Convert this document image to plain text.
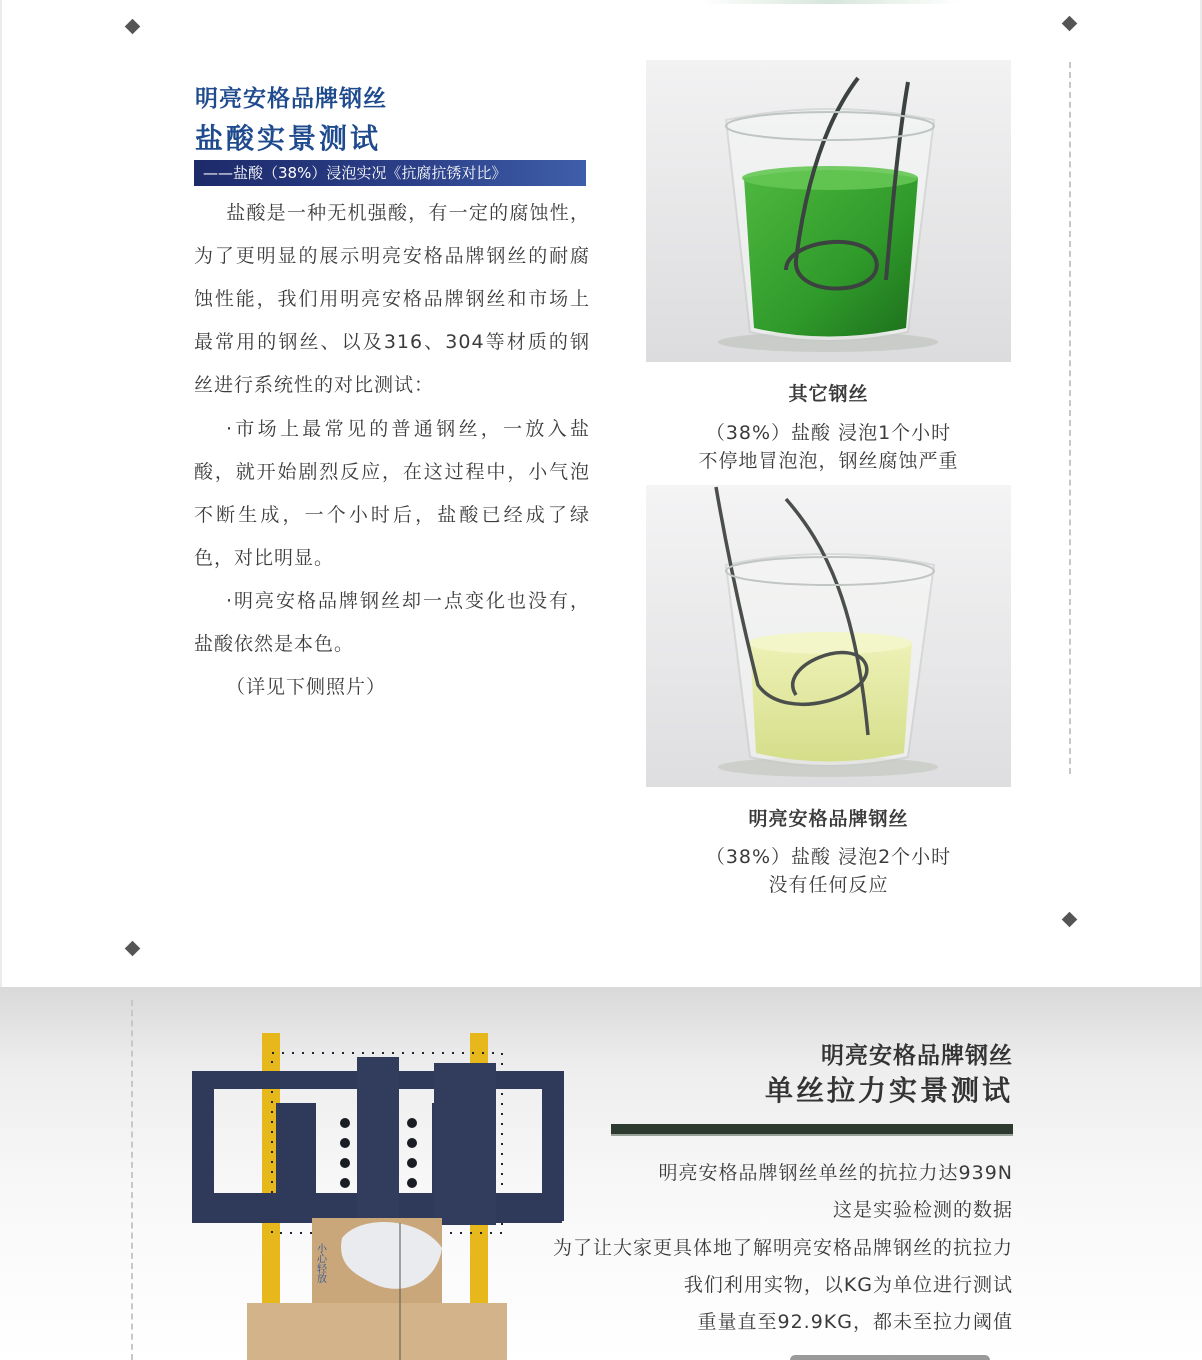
明亮安格品牌钢丝
盐酸实景测试
——盐酸（38%）浸泡实况《抗腐抗锈对比》

盐酸是一种无机强酸，有一定的腐蚀性，为了更明显的展示明亮安格品牌钢丝的耐腐蚀性能，我们用明亮安格品牌钢丝和市场上最常用的钢丝、以及316、304等材质的钢丝进行系统性的对比测试：

·市场上最常见的普通钢丝，一放入盐酸，就开始剧烈反应，在这过程中，小气泡不断生成，一个小时后，盐酸已经成了绿色，对比明显。

·明亮安格品牌钢丝却一点变化也没有，盐酸依然是本色。

（详见下侧照片）

其它钢丝
（38%）盐酸 浸泡1个小时
不停地冒泡泡，钢丝腐蚀严重
明亮安格品牌钢丝
（38%）盐酸 浸泡2个小时
没有任何反应
小心轻放
明亮安格品牌钢丝
单丝拉力实景测试
明亮安格品牌钢丝单丝的抗拉力达939N
这是实验检测的数据
为了让大家更具体地了解明亮安格品牌钢丝的抗拉力
我们利用实物，以KG为单位进行测试
重量直至92.9KG，都未至拉力阈值
